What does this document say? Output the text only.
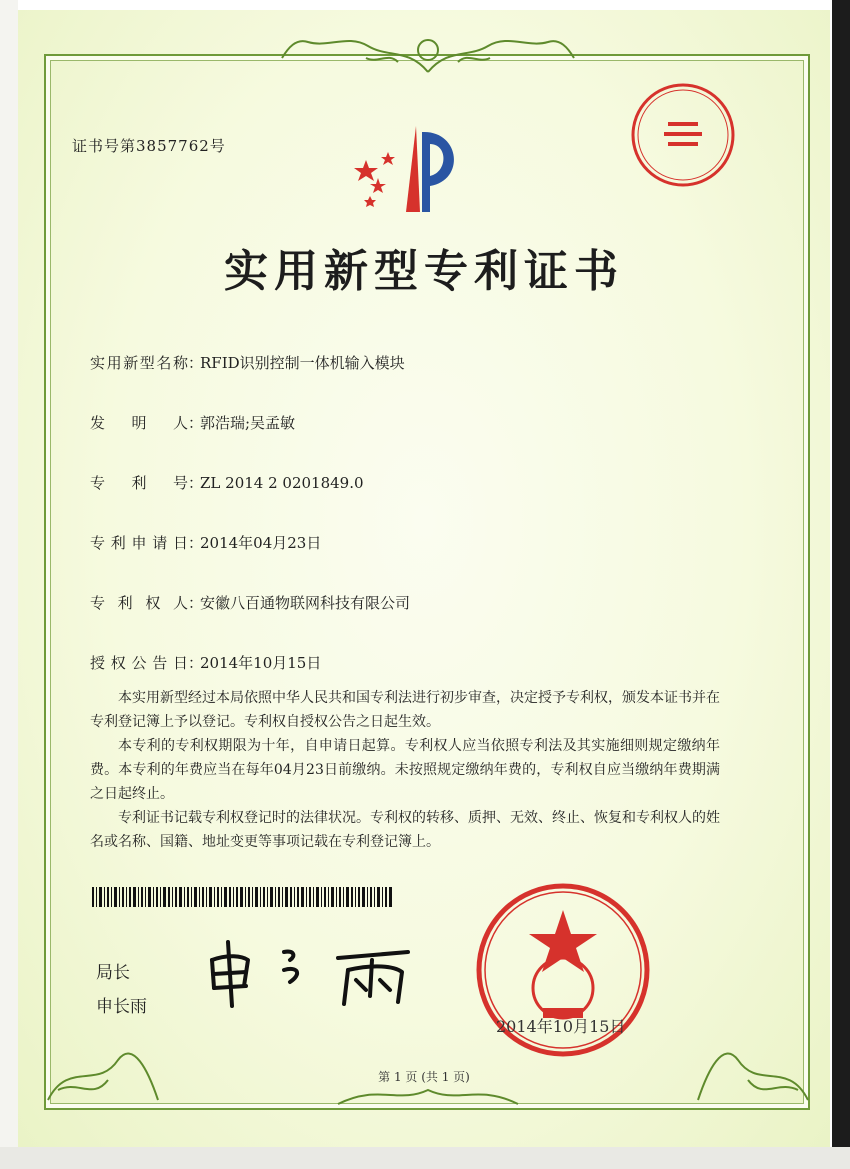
证书号第3857762号
实用新型专利证书
实用新型名称：RFID识别控制一体机输入模块
发明人：郭浩瑞;吴孟敏
专利号：ZL 2014 2 0201849.0
专利申请日：2014年04月23日
专利权人：安徽八百通物联网科技有限公司
授权公告日：2014年10月15日

本实用新型经过本局依照中华人民共和国专利法进行初步审查，决定授予专利权，颁发本证书并在专利登记簿上予以登记。专利权自授权公告之日起生效。

本专利的专利权期限为十年，自申请日起算。专利权人应当依照专利法及其实施细则规定缴纳年费。本专利的年费应当在每年04月23日前缴纳。未按照规定缴纳年费的，专利权自应当缴纳年费期满之日起终止。

专利证书记载专利权登记时的法律状况。专利权的转移、质押、无效、终止、恢复和专利权人的姓名或名称、国籍、地址变更等事项记载在专利登记簿上。

局长
申长雨
2014年10月15日
第 1 页 (共 1 页)
